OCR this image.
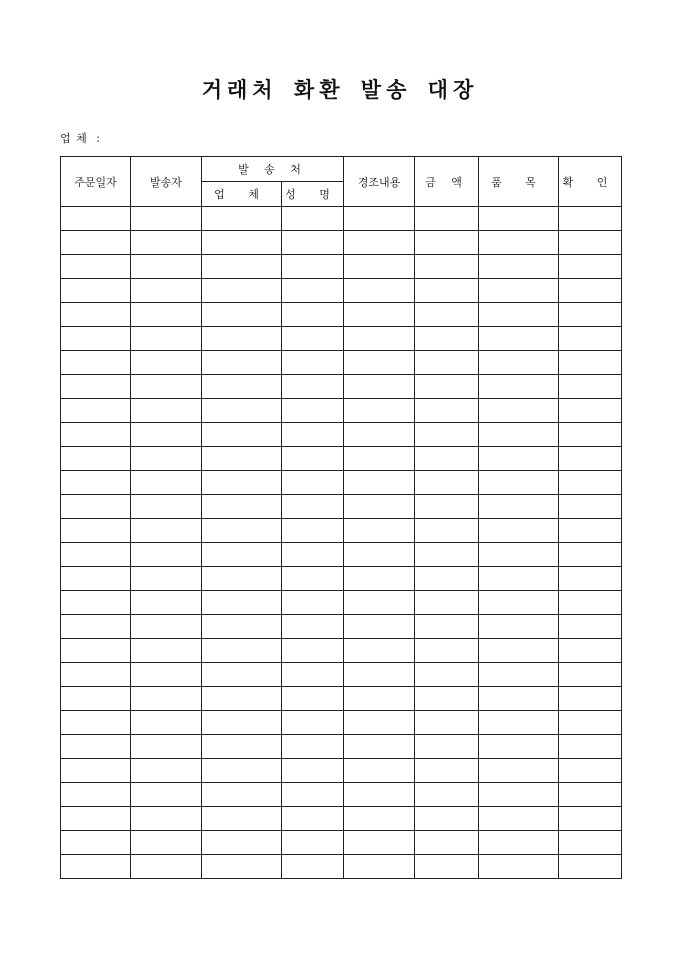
거래처 화환 발송 대장
업 체 :
주문일자	발송자	발 송 처		경조내용	금 액	품 목	확 인
		업 체	성 명				
